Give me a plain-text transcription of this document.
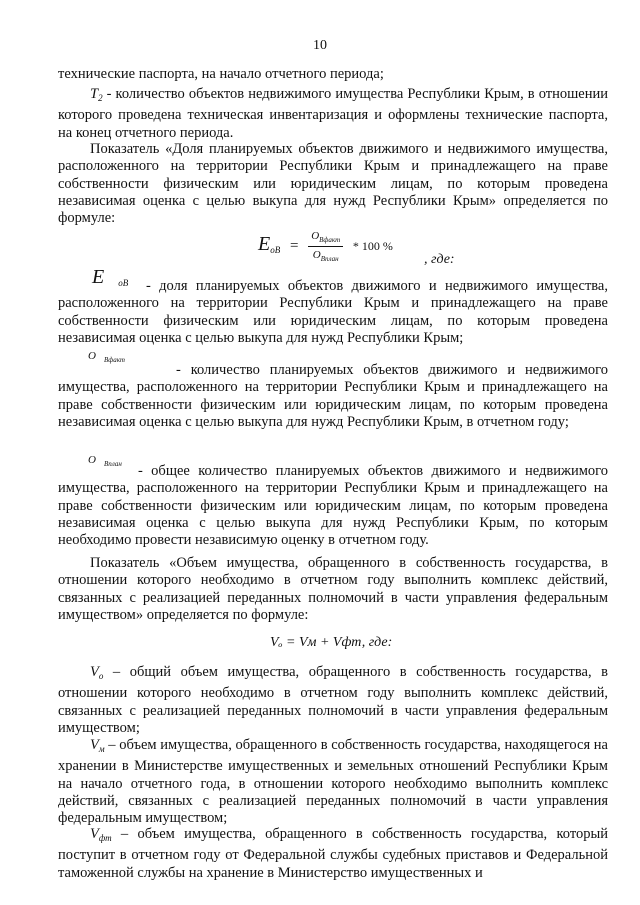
10

технические паспорта, на начало отчетного периода;

$T_2$ - количество объектов недвижимого имущества Республики Крым, в отношении которого проведена техническая инвентаризация и оформлены технические паспорта, на конец отчетного периода.

Показатель «Доля планируемых объектов движимого и недвижимого имущества, расположенного на территории Республики Крым и принадлежащего на праве собственности физическим или юридическим лицам, по которым проведена независимая оценка с целью выкупа для нужд Республики Крым» определяется по формуле:

$E_{оВ} = \frac{O_{Вфакт}}{O_{Вплан}} * 100$ %
, где:
E $_{оВ}$	- доля планируемых объектов движимого и недвижимого имущества, расположенного на территории Республики Крым и принадлежащего на праве собственности физическим или юридическим лицам, по которым проведена независимая оценка с целью выкупа для нужд Республики Крым;

O $_{Вфакт}$

- количество планируемых объектов движимого и недвижимого имущества, расположенного на территории Республики Крым и принадлежащего на праве собственности физическим или юридическим лицам, по которым проведена независимая оценка с целью выкупа для нужд Республики Крым, в отчетном году;

O $_{Вплан}$	- общее количество планируемых объектов движимого и недвижимого имущества, расположенного на территории Республики Крым и принадлежащего на праве собственности физическим или юридическим лицам, по которым проведена независимая оценка с целью выкупа для нужд Республики Крым, по которым необходимо провести независимую оценку в отчетном году.

Показатель «Объем имущества, обращенного в собственность государства, в отношении которого необходимо в отчетном году выполнить комплекс действий, связанных с реализацией переданных полномочий в части управления федеральным имуществом» определяется по формуле:

Vₒ = Vм + Vфт, где:

$V_о$ – общий объем имущества, обращенного в собственность государства, в отношении которого необходимо в отчетном году выполнить комплекс действий, связанных с реализацией переданных полномочий в части управления федеральным имуществом;

$V_м$ – объем имущества, обращенного в собственность государства, находящегося на хранении в Министерстве имущественных и земельных отношений Республики Крым на начало отчетного года, в отношении которого необходимо выполнить комплекс действий, связанных с реализацией переданных полномочий в части управления федеральным имуществом;

$V_{фт}$ – объем имущества, обращенного в собственность государства, который поступит в отчетном году от Федеральной службы судебных приставов и Федеральной таможенной службы на хранение в Министерство имущественных и
